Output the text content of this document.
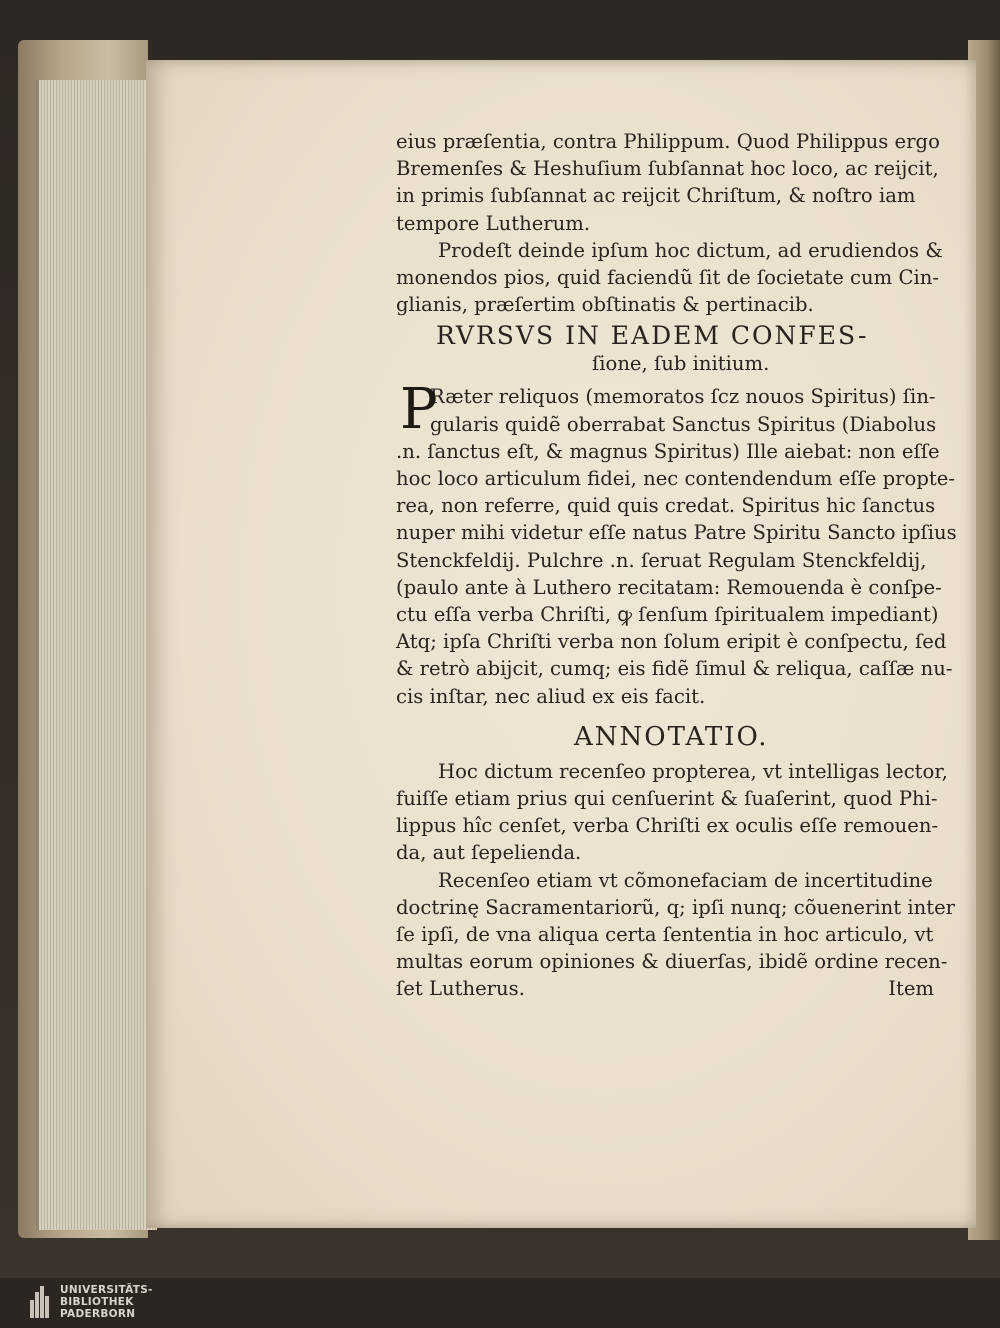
eius præſentia, contra Philippum. Quod Philippus ergo
Bremenſes & Heshuſium ſubſannat hoc loco, ac reijcit,
in primis ſubſannat ac reijcit Chriſtum, & noſtro iam
tempore Lutherum.
Prodeſt deinde ipſum hoc dictum, ad erudiendos &
monendos pios, quid faciendũ ſit de ſocietate cum Cin-
glianis, præſertim obſtinatis & pertinacib.
RVRSVS IN EADEM CONFES-
ſione, ſub initium.
P
Ræter reliquos (memoratos ſcz nouos Spiritus) ſin-
gularis quidẽ oberrabat Sanctus Spiritus (Diabolus
.n. ſanctus eſt, & magnus Spiritus) Ille aiebat: non eſſe
hoc loco articulum fidei, nec contendendum eſſe propte-
rea, non referre, quid quis credat. Spiritus hic ſanctus
nuper mihi videtur eſſe natus Patre Spiritu Sancto ipſius
Stenckfeldij. Pulchre .n. ſeruat Regulam Stenckfeldij,
(paulo ante à Luthero recitatam: Remouenda è conſpe-
ctu eſſa verba Chriſti, ꝙ ſenſum ſpiritualem impediant)
Atq; ipſa Chriſti verba non ſolum eripit è conſpectu, ſed
& retrò abijcit, cumq; eis fidẽ ſimul & reliqua, caſſæ nu-
cis inſtar, nec aliud ex eis facit.
ANNOTATIO.
Hoc dictum recenſeo propterea, vt intelligas lector,
fuiſſe etiam prius qui cenſuerint & ſuaſerint, quod Phi-
lippus hîc cenſet, verba Chriſti ex oculis eſſe remouen-
da, aut ſepelienda.
Recenſeo etiam vt cõmonefaciam de incertitudine
doctrinę Sacramentariorũ, q; ipſi nunq; cõuenerint inter
ſe ipſi, de vna aliqua certa ſententia in hoc articulo, vt
multas eorum opiniones & diuerſas, ibidẽ ordine recen-
ſet Lutherus.	Item
UNIVERSITÄTS-
BIBLIOTHEK
PADERBORN
